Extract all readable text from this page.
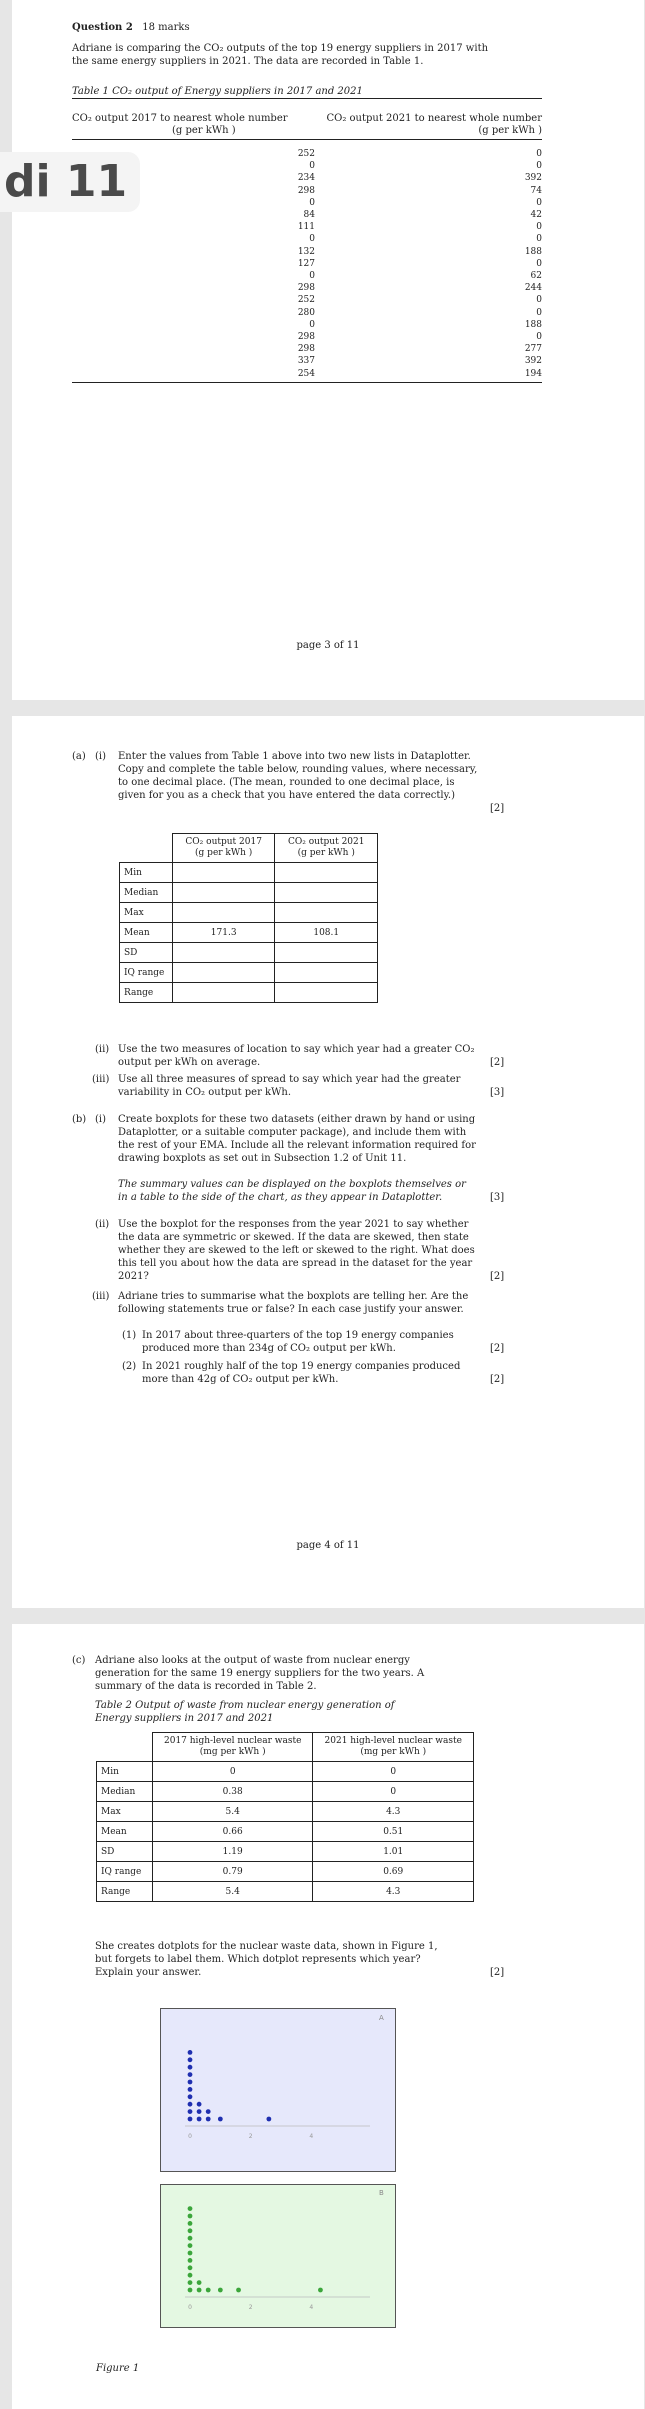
Question 2 18 marks
Adriane is comparing the CO₂ outputs of the top 19 energy suppliers in 2017 with the same energy suppliers in 2021. The data are recorded in Table 1.
Table 1 CO₂ output of Energy suppliers in 2017 and 2021
CO₂ output 2017 to nearest whole number
(g per kWh )
CO₂ output 2021 to nearest whole number
(g per kWh )
252	0
0	0
234	392
298	74
0	0
84	42
111	0
0	0
132	188
127	0
0	62
298	244
252	0
280	0
0	188
298	0
298	277
337	392
254	194
page 3 of 11
di 11
(a) (i) Enter the values from Table 1 above into two new lists in Dataplotter. Copy and complete the table below, rounding values, where necessary, to one decimal place. (The mean, rounded to one decimal place, is given for you as a check that you have entered the data correctly.)
[2]
	CO₂ output 2017
(g per kWh )	CO₂ output 2021
(g per kWh )
Min		
Median		
Max		
Mean	171.3	108.1
SD		
IQ range		
Range		
(ii) Use the two measures of location to say which year had a greater CO₂ output per kWh on average.	[2]
(iii) Use all three measures of spread to say which year had the greater variability in CO₂ output per kWh.	[3]
(b) (i) Create boxplots for these two datasets (either drawn by hand or using Dataplotter, or a suitable computer package), and include them with the rest of your EMA. Include all the relevant information required for drawing boxplots as set out in Subsection 1.2 of Unit 11.
The summary values can be displayed on the boxplots themselves or in a table to the side of the chart, as they appear in Dataplotter.	[3]
(ii) Use the boxplot for the responses from the year 2021 to say whether the data are symmetric or skewed. If the data are skewed, then state whether they are skewed to the left or skewed to the right. What does this tell you about how the data are spread in the dataset for the year 2021?	[2]
(iii) Adriane tries to summarise what the boxplots are telling her. Are the following statements true or false? In each case justify your answer.
(1) In 2017 about three-quarters of the top 19 energy companies produced more than 234g of CO₂ output per kWh.	[2]
(2) In 2021 roughly half of the top 19 energy companies produced more than 42g of CO₂ output per kWh.	[2]
page 4 of 11
(c) Adriane also looks at the output of waste from nuclear energy generation for the same 19 energy suppliers for the two years. A summary of the data is recorded in Table 2.
Table 2 Output of waste from nuclear energy generation of Energy suppliers in 2017 and 2021
	2017 high-level nuclear waste
(mg per kWh )	2021 high-level nuclear waste
(mg per kWh )
Min	0	0
Median	0.38	0
Max	5.4	4.3
Mean	0.66	0.51
SD	1.19	1.01
IQ range	0.79	0.69
Range	5.4	4.3
She creates dotplots for the nuclear waste data, shown in Figure 1, but forgets to label them. Which dotplot represents which year? Explain your answer.	[2]
A
0	2	4
B
0	2	4
Figure 1
